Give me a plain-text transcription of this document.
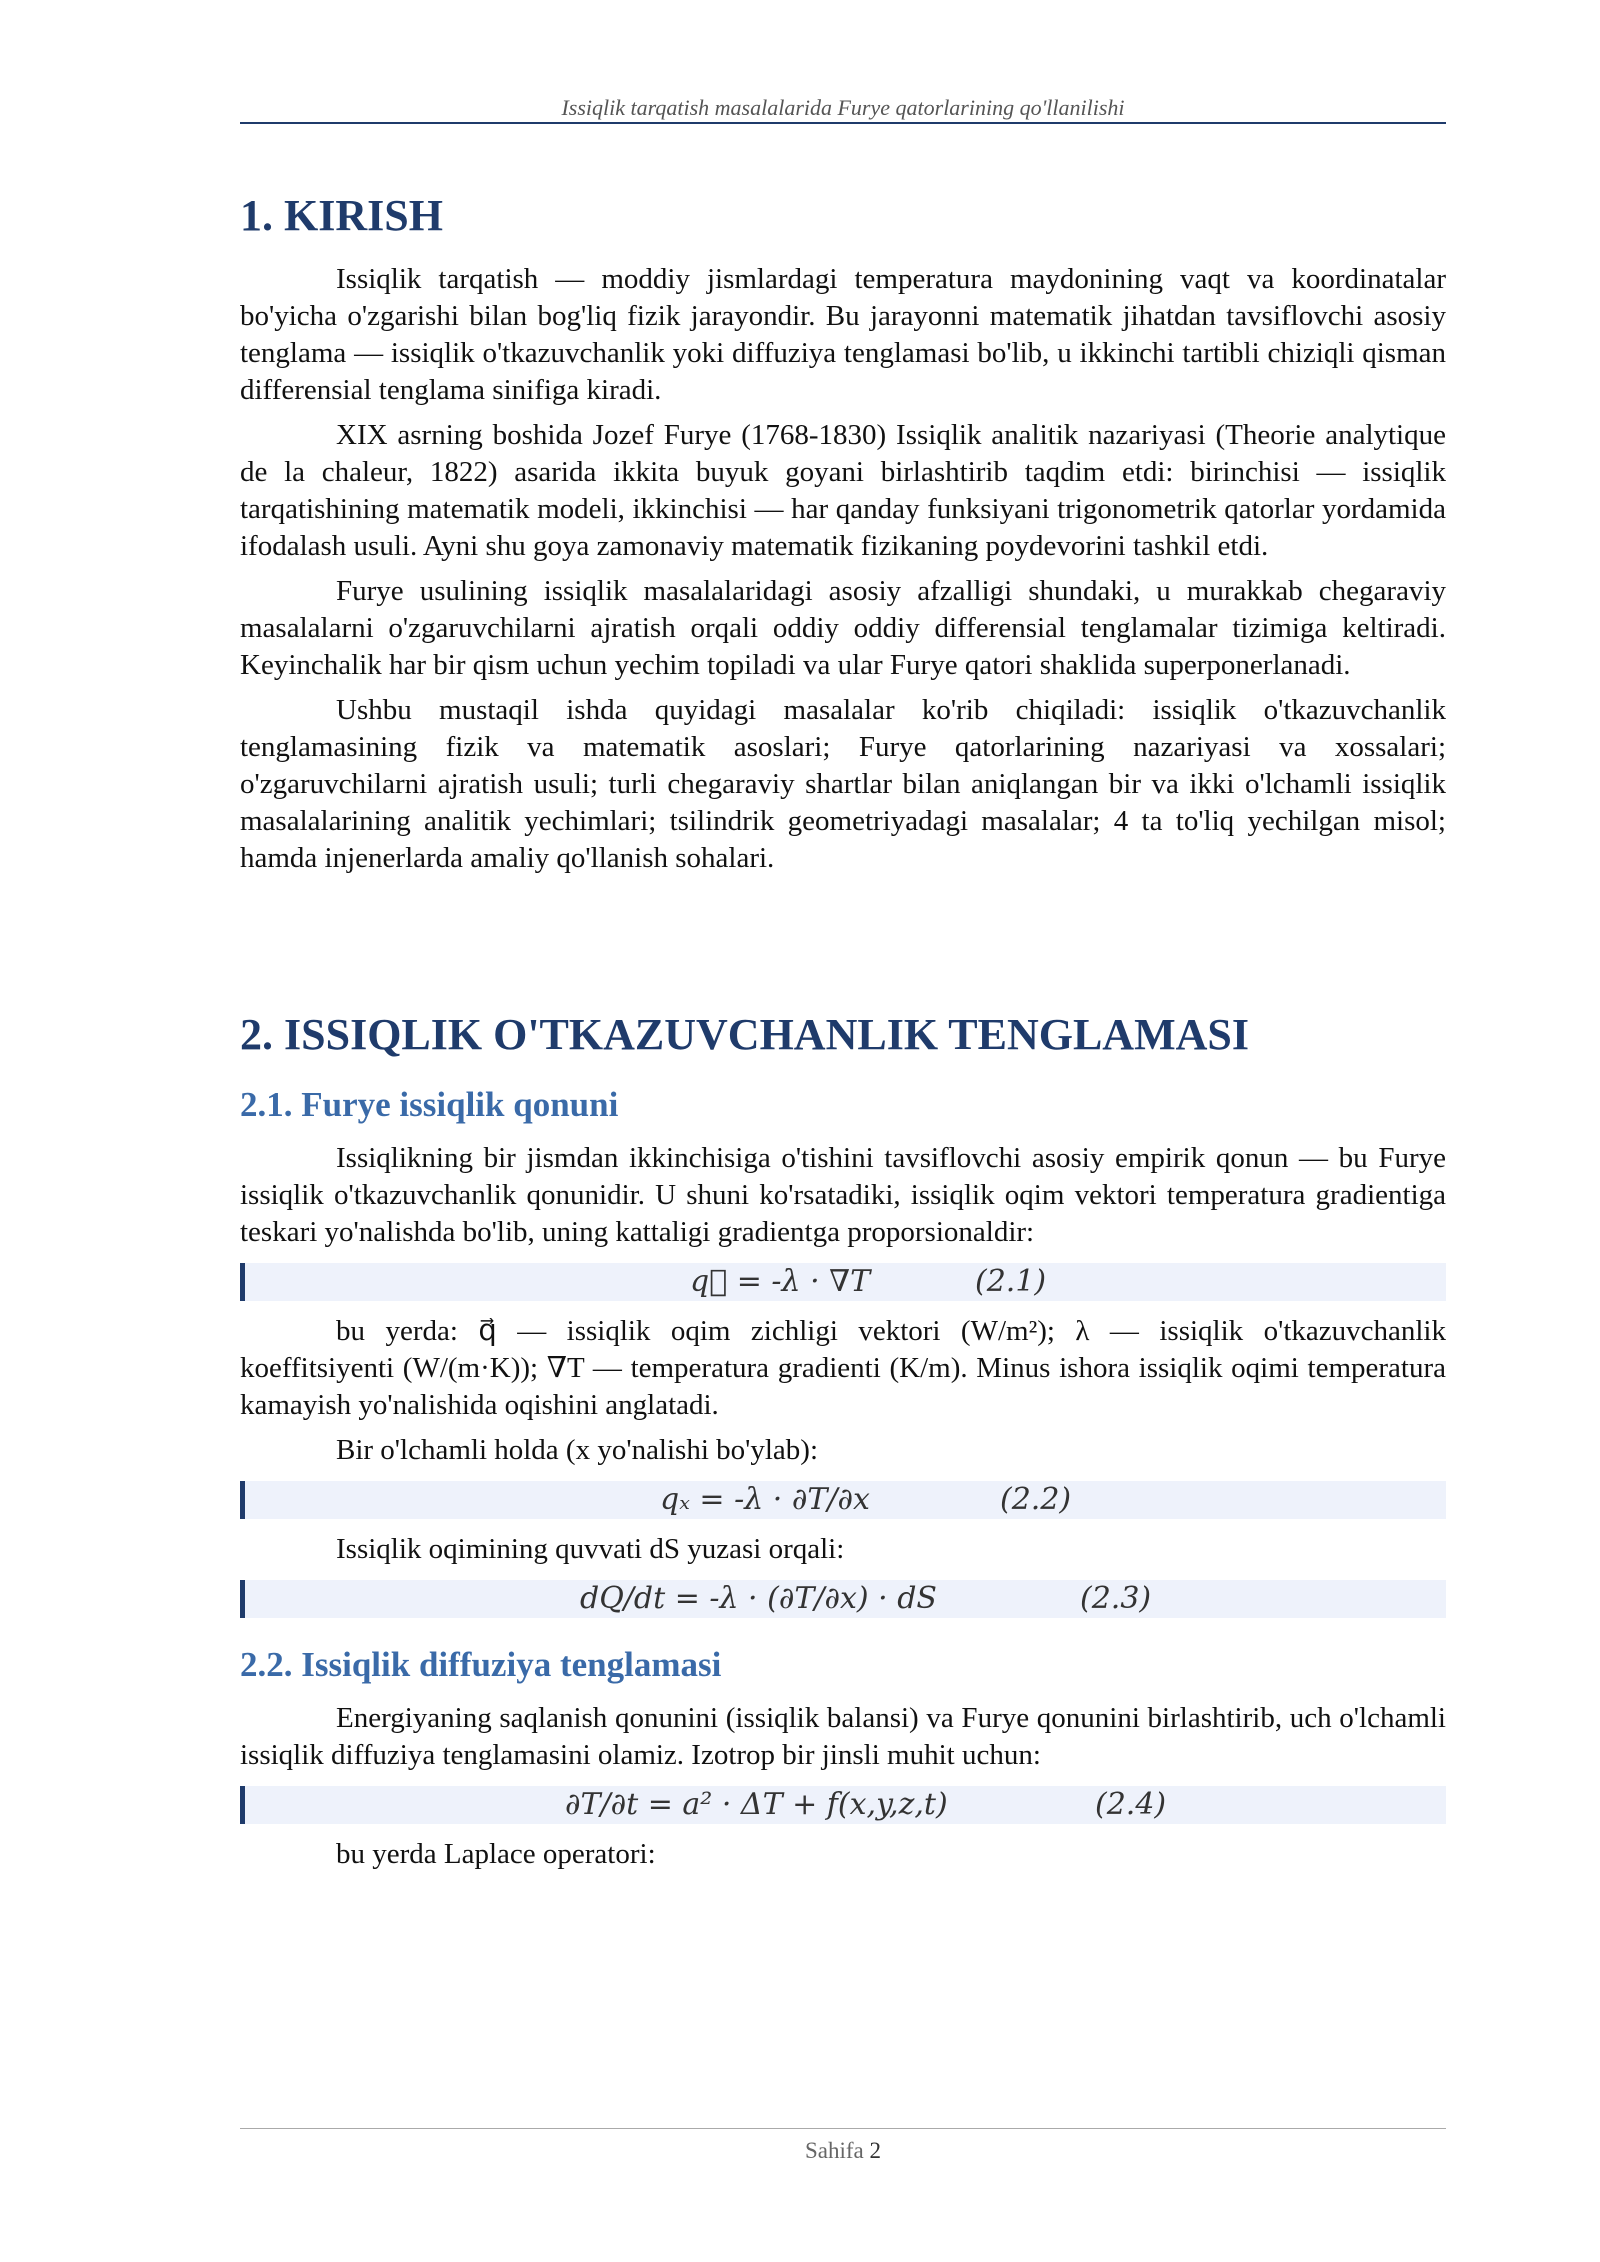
Issiqlik tarqatish masalalarida Furye qatorlarining qo'llanilishi
1. KIRISH

Issiqlik tarqatish — moddiy jismlardagi temperatura maydonining vaqt va koordinatalar bo'yicha o'zgarishi bilan bog'liq fizik jarayondir. Bu jarayonni matematik jihatdan tavsiflovchi asosiy tenglama — issiqlik o'tkazuvchanlik yoki diffuziya tenglamasi bo'lib, u ikkinchi tartibli chiziqli qisman differensial tenglama sinifiga kiradi.

XIX asrning boshida Jozef Furye (1768-1830) Issiqlik analitik nazariyasi (Theorie analytique de la chaleur, 1822) asarida ikkita buyuk goyani birlashtirib taqdim etdi: birinchisi — issiqlik tarqatishining matematik modeli, ikkinchisi — har qanday funksiyani trigonometrik qatorlar yordamida ifodalash usuli. Ayni shu goya zamonaviy matematik fizikaning poydevorini tashkil etdi.

Furye usulining issiqlik masalalaridagi asosiy afzalligi shundaki, u murakkab chegaraviy masalalarni o'zgaruvchilarni ajratish orqali oddiy oddiy differensial tenglamalar tizimiga keltiradi. Keyinchalik har bir qism uchun yechim topiladi va ular Furye qatori shaklida superponerlanadi.

Ushbu mustaqil ishda quyidagi masalalar ko'rib chiqiladi: issiqlik o'tkazuvchanlik tenglamasining fizik va matematik asoslari; Furye qatorlarining nazariyasi va xossalari; o'zgaruvchilarni ajratish usuli; turli chegaraviy shartlar bilan aniqlangan bir va ikki o'lchamli issiqlik masalalarining analitik yechimlari; tsilindrik geometriyadagi masalalar; 4 ta to'liq yechilgan misol; hamda injenerlarda amaliy qo'llanish sohalari.

2. ISSIQLIK O'TKAZUVCHANLIK TENGLAMASI
2.1. Furye issiqlik qonuni

Issiqlikning bir jismdan ikkinchisiga o'tishini tavsiflovchi asosiy empirik qonun — bu Furye issiqlik o'tkazuvchanlik qonunidir. U shuni ko'rsatadiki, issiqlik oqim vektori temperatura gradientiga teskari yo'nalishda bo'lib, uning kattaligi gradientga proporsionaldir:

q⃗ = -λ · ∇T	(2.1)

bu yerda: q⃗ — issiqlik oqim zichligi vektori (W/m²); λ — issiqlik o'tkazuvchanlik koeffitsiyenti (W/(m·K)); ∇T — temperatura gradienti (K/m). Minus ishora issiqlik oqimi temperatura kamayish yo'nalishida oqishini anglatadi.

Bir o'lchamli holda (x yo'nalishi bo'ylab):

qₓ = -λ · ∂T/∂x	(2.2)

Issiqlik oqimining quvvati dS yuzasi orqali:

dQ/dt = -λ · (∂T/∂x) · dS	(2.3)
2.2. Issiqlik diffuziya tenglamasi

Energiyaning saqlanish qonunini (issiqlik balansi) va Furye qonunini birlashtirib, uch o'lchamli issiqlik diffuziya tenglamasini olamiz. Izotrop bir jinsli muhit uchun:

∂T/∂t = a² · ΔT + f(x,y,z,t)	(2.4)

bu yerda Laplace operatori:

Sahifa 2
